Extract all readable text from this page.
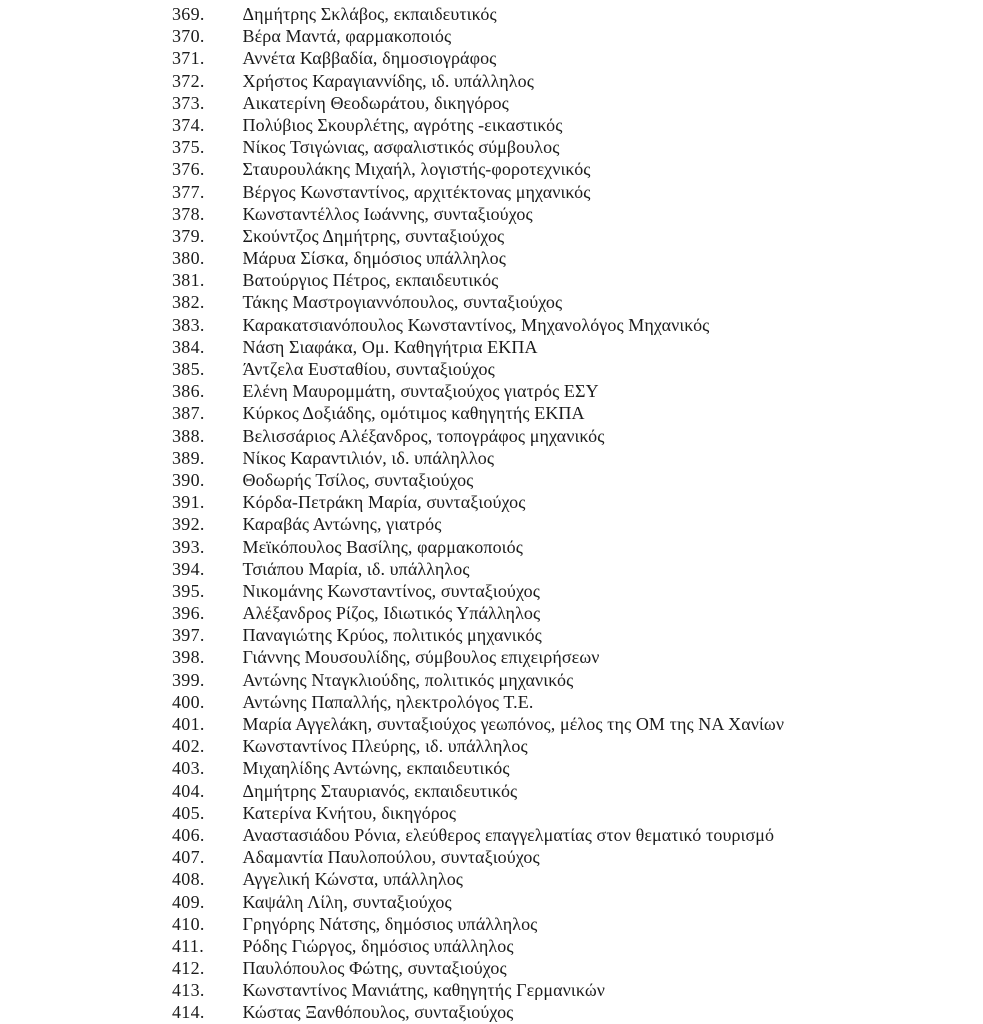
369. Δημήτρης Σκλάβος, εκπαιδευτικός
370. Βέρα Μαντά, φαρμακοποιός
371. Αννέτα Καββαδία, δημοσιογράφος
372. Χρήστος Καραγιαννίδης, ιδ. υπάλληλος
373. Αικατερίνη Θεοδωράτου, δικηγόρος
374. Πολύβιος Σκουρλέτης, αγρότης -εικαστικός
375. Νίκος Τσιγώνιας, ασφαλιστικός σύμβουλος
376. Σταυρουλάκης Μιχαήλ, λογιστής-φοροτεχνικός
377. Βέργος Κωνσταντίνος, αρχιτέκτονας μηχανικός
378. Κωνσταντέλλος Ιωάννης, συνταξιούχος
379. Σκούντζος Δημήτρης, συνταξιούχος
380. Μάρυα Σίσκα, δημόσιος υπάλληλος
381. Βατούργιος Πέτρος, εκπαιδευτικός
382. Τάκης Μαστρογιαννόπουλος, συνταξιούχος
383. Καρακατσιανόπουλος Κωνσταντίνος, Μηχανολόγος Μηχανικός
384. Νάση Σιαφάκα, Ομ. Καθηγήτρια ΕΚΠΑ
385. Άντζελα Ευσταθίου, συνταξιούχος
386. Ελένη Μαυρομμάτη, συνταξιούχος γιατρός ΕΣΥ
387. Κύρκος Δοξιάδης, ομότιμος καθηγητής ΕΚΠΑ
388. Βελισσάριος Αλέξανδρος, τοπογράφος μηχανικός
389. Νίκος Καραντιλιόν, ιδ. υπάληλλος
390. Θοδωρής Τσίλος, συνταξιούχος
391. Κόρδα-Πετράκη Μαρία, συνταξιούχος
392. Καραβάς Αντώνης, γιατρός
393. Μεϊκόπουλος Βασίλης, φαρμακοποιός
394. Τσιάπου Μαρία, ιδ. υπάλληλος
395. Νικομάνης Κωνσταντίνος, συνταξιούχος
396. Αλέξανδρος Ρίζος, Ιδιωτικός Υπάλληλος
397. Παναγιώτης Κρύος, πολιτικός μηχανικός
398. Γιάννης Μουσουλίδης, σύμβουλος επιχειρήσεων
399. Αντώνης Νταγκλιούδης, πολιτικός μηχανικός
400. Αντώνης Παπαλλής, ηλεκτρολόγος Τ.Ε.
401. Μαρία Αγγελάκη, συνταξιούχος γεωπόνος, μέλος της ΟΜ της ΝΑ Χανίων
402. Κωνσταντίνος Πλεύρης, ιδ. υπάλληλος
403. Μιχαηλίδης Αντώνης, εκπαιδευτικός
404. Δημήτρης Σταυριανός, εκπαιδευτικός
405. Κατερίνα Κνήτου, δικηγόρος
406. Αναστασιάδου Ρόνια, ελεύθερος επαγγελματίας στον θεματικό τουρισμό
407. Αδαμαντία Παυλοπούλου, συνταξιούχος
408. Αγγελική Κώνστα, υπάλληλος
409. Καψάλη Λίλη, συνταξιούχος
410. Γρηγόρης Νάτσης, δημόσιος υπάλληλος
411. Ρόδης Γιώργος, δημόσιος υπάλληλος
412. Παυλόπουλος Φώτης, συνταξιούχος
413. Κωνσταντίνος Μανιάτης, καθηγητής Γερμανικών
414. Κώστας Ξανθόπουλος, συνταξιούχος
